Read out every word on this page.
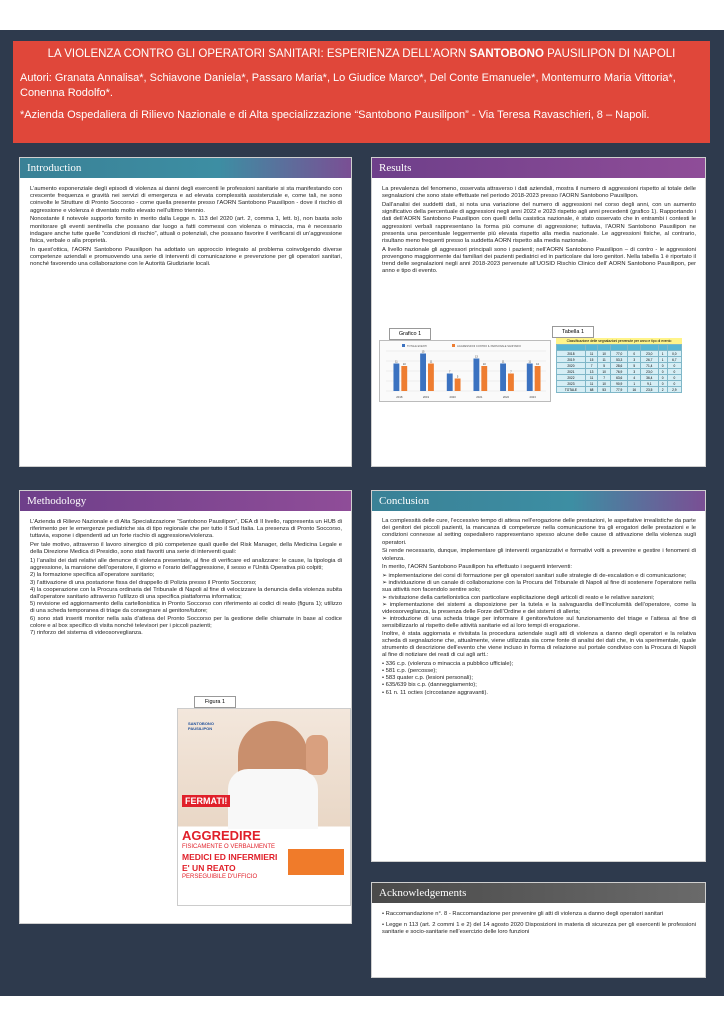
LA VIOLENZA CONTRO GLI OPERATORI SANITARI: ESPERIENZA DELL’AORN SANTOBONO PAUSILIPON DI NAPOLI
Autori: Granata Annalisa*, Schiavone Daniela*, Passaro Maria*, Lo Giudice Marco*, Del Conte Emanuele*, Montemurro Maria Vittoria*, Conenna Rodolfo*.
*Azienda Ospedaliera di Rilievo Nazionale e di Alta specializzazione “Santobono Pausilipon” - Via Teresa Ravaschieri, 8 – Napoli.
Introduction

L’aumento esponenziale degli episodi di violenza ai danni degli esercenti le professioni sanitarie si sta manifestando con crescente frequenza e gravità nei servizi di emergenza e ad elevata complessità assistenziale e, come tali, ne sono coinvolte le Strutture di Pronto Soccorso - come quella presente presso l’AORN Santobono Pausilipon - dove il rischio di aggressione e violenza è diventato molto elevato nell’ultimo triennio.

Nonostante il notevole supporto fornito in merito dalla Legge n. 113 del 2020 (art. 2, comma 1, lett. b), non basta solo monitorare gli eventi sentinella che possano dar luogo a fatti commessi con violenza o minaccia, ma è necessario indagare anche tutte quelle “condizioni di rischio”, attuali o potenziali, che possano favorire il verificarsi di un’aggressione fisica, verbale o alla proprietà.

In quest’ottica, l’AORN Santobono Pausilipon ha adottato un approccio integrato al problema coinvolgendo diverse competenze aziendali e promuovendo una serie di interventi di comunicazione e prevenzione per gli operatori sanitari, nonché favorendo una collaborazione con le Autorità Giudiziarie locali.

Results

La prevalenza del fenomeno, osservata attraverso i dati aziendali, mostra il numero di aggressioni rispetto al totale delle segnalazioni che sono state effettuate nel periodo 2018-2023 presso l’AORN Santobono Pausilipon.

Dall’analisi dei suddetti dati, si nota una variazione del numero di aggressioni nel corso degli anni, con un aumento significativo della percentuale di aggressioni negli anni 2022 e 2023 rispetto agli anni precedenti (grafico 1). Rapportando i dati dell’AORN Santobono Pausilipon con quelli della casistica nazionale, è stato osservato che in entrambi i contesti le aggressioni verbali rappresentano la forma più comune di aggressione; tuttavia, l’AORN Santobono Pausilipon ne presenta una percentuale leggermente più elevata rispetto alla media nazionale. Le aggressioni fisiche, al contrario, risultano meno frequenti presso la suddetta AORN rispetto alla media nazionale.

A livello nazionale gli aggressori principali sono i pazienti; nell’AORN Santobono Pausilipon – di contro - le aggressioni provengono maggiormente dai familiari dei pazienti pediatrici ed in particolare dai loro genitori. Nella tabella 1 è riportato il trend delle segnalazioni negli anni 2018-2023 pervenute all’UOSID Rischio Clinico dell’ AORN Santobono Pausilipon, per anno e tipo di evento.

Grafico 1
TOTALE EVENTI	AGGRESSIONI CONTRO IL PERSONALE SANITARIO
11
10
2018
15
11
2019
7
5
2020
13
10
2021
11
7
2022
11
10
2023
Tabella 1
Classificazione delle segnalazioni pervenute per anno e tipo di evento

2018	11	10	77,0	0	23,0	1	0,0
2019	15	11	53,3	3	26,7	1	6,7
2020	7	5	28,6	5	71,4	0	0
2021	13	10	76,9	3	23,0	0	0
2022	11	7	63,6	4	36,4	0	0
2023	11	10	90,9	1	9,1	0	0
TOTALE	68	53	77,9	16	23,5	2	2,9
Methodology

L’Azienda di Rilievo Nazionale e di Alta Specializzazione “Santobono Pausilipon”, DEA di II livello, rappresenta un HUB di riferimento per le emergenze pediatriche sia di tipo regionale che per tutto il Sud Italia. La presenza di Pronto Soccorso, tuttavia, espone i dipendenti ad un forte rischio di aggressione/violenza.

Per tale motivo, attraverso il lavoro sinergico di più competenze quali quelle del Risk Manager, della Medicina Legale e della Direzione Medica di Presidio, sono stati favoriti una serie di interventi quali:

1) l’analisi dei dati relativi alle denunce di violenza presentate, al fine di verificare ed analizzare: le cause, la tipologia di aggressione, la mansione dell’operatore, il giorno e l’orario dell’aggressione, il sesso e l’Unità Operativa più colpiti;
2) la formazione specifica all’operatore sanitario;
3) l’attivazione di una postazione fissa del drappello di Polizia presso il Pronto Soccorso;
4) la cooperazione con la Procura ordinaria del Tribunale di Napoli al fine di velocizzare la denuncia della violenza subita dall’operatore sanitario attraverso l’utilizzo di una specifica piattaforma informatica;
5) revisione ed aggiornamento della cartellonistica in Pronto Soccorso con riferimento ai codici di reato (figura 1); utilizzo di una scheda temporanea di triage da consegnare al genitore/tutore;
6) sono stati inseriti monitor nella sala d’attesa del Pronto Soccorso per la gestione delle chiamate in base al codice colore e al box specifico di visita nonché televisori per i piccoli pazienti;
7) rinforzo del sistema di videosorveglianza.
Figura 1
SANTOBONO PAUSILIPON
FERMATI!
AGGREDIRE
FISICAMENTE O VERBALMENTE
MEDICI ED INFERMIERI
E' UN REATO
PERSEGUIBILE D'UFFICIO
Conclusion

La complessità delle cure, l’eccessivo tempo di attesa nell’erogazione delle prestazioni, le aspettative irrealistiche da parte dei genitori dei piccoli pazienti, la mancanza di competenze nella comunicazione tra gli erogatori delle prestazioni e le condizioni connesse al setting ospedaliero rappresentano spesso alcune delle cause di attivazione della violenza sugli operatori.

Si rende necessario, dunque, implementare gli interventi organizzativi e formativi volti a prevenire e gestire i fenomeni di violenza.

In merito, l’AORN Santobono Pausilipon ha effettuato i seguenti interventi:

➢ implementazione dei corsi di formazione per gli operatori sanitari sulle strategie di de-escalation e di comunicazione;
➢ individuazione di un canale di collaborazione con la Procura del Tribunale di Napoli al fine di sostenere l’operatore nella sua attività non facendolo sentire solo;
➢ rivisitazione della cartellonistica con particolare esplicitazione degli articoli di reato e le relative sanzioni;
➢ implementazione dei sistemi a disposizione per la tutela e la salvaguardia dell’incolumità dell’operatore, come la videosorveglianza, la presenza delle Forze dell’Ordine e dei sistemi di allerta;
➢ introduzione di una scheda triage per informare il genitore/tutore sul funzionamento del triage e l’attesa al fine di sensibilizzarlo al rispetto delle attività sanitarie ed ai loro tempi di erogazione.

Inoltre, è stata aggiornata e rivisitata la procedura aziendale sugli atti di violenza a danno degli operatori e la relativa scheda di segnalazione che, attualmente, viene utilizzata sia come fonte di analisi dei dati che, in via sperimentale, quale strumento di descrizione dell’evento che viene incluso in forma di relazione sul portale condiviso con la Procura di Napoli al fine di notiziare dei reati di cui agli artt.:

• 336 c.p. (violenza o minaccia a pubblico ufficiale);
• 581 c.p. (percosse);
• 583 quater c.p. (lesioni personali);
• 635/639 bis c.p. (danneggiamento);
• 61 n. 11 octies (circostanze aggravanti).
Acknowledgements

• Raccomandazione n°. 8 - Raccomandazione per prevenire gli atti di violenza a danno degli operatori sanitari

• Legge n 113 (art. 2 commi 1 e 2) del 14 agosto 2020 Disposizioni in materia di sicurezza per gli esercenti le professioni sanitarie e socio-sanitarie nell’esercizio delle loro funzioni
